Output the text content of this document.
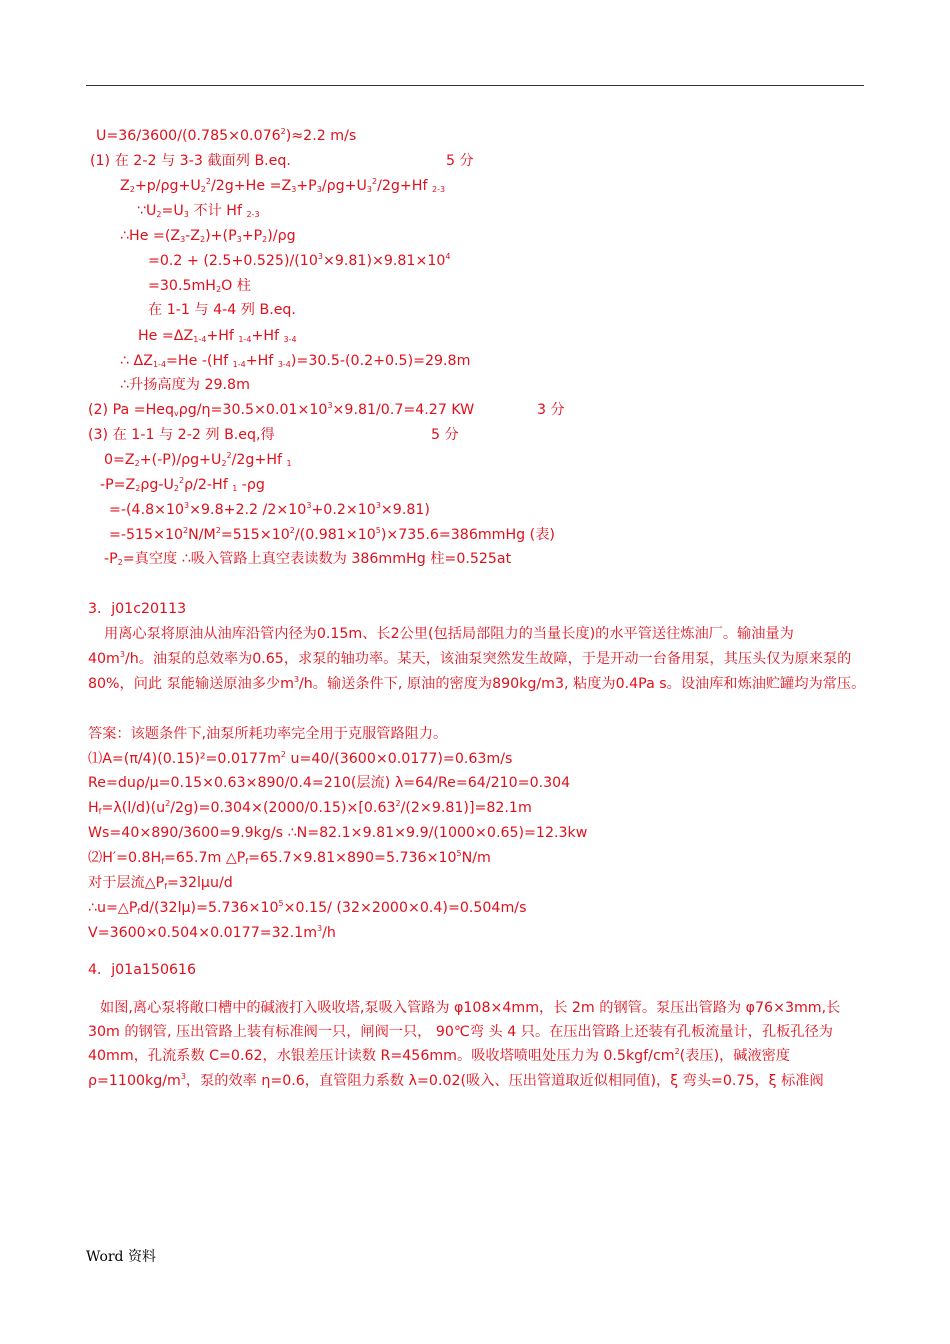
$U=36/3600/(0.785\times 0.076^2)\approx 2.2$ m/s
(1) 在 2-2 与 3-3 截面列 B.eq.	5 分
$Z_2+p/\rho g+U_2^2/2g+He =Z_3+P_3/\rho g+U_3^2/2g+Hf$ $_{2-3}$
$\because U_2=U_3$ 不计 Hf $_{2-3}$
∴He $=(Z_3-Z_2)+(P_3+P_2)/\rho g$
$=0.2 + (2.5+0.525)/(10^3\times 9.81)\times 9.81\times 10^4$
$=30.5mH_2O$ 柱
在 1-1 与 4-4 列 B.eq.
$He =\Delta Z_{1-4}+Hf$ $_{1-4}$+Hf $_{3-4}$
∴ $\Delta Z_{1-4}=He$ -(Hf $_{1-4}$+Hf $_{3-4}$)=30.5-(0.2+0.5)=29.8m
∴升扬高度为 29.8m
(2) $Pa =Heq_v\rho g/\eta=30.5\times 0.01\times 10^3\times 9.81/0.7=4.27$ KW	3 分
(3) 在 1-1 与 2-2 列 B.eq,得	5 分
$0=Z_2+(-P)/\rho g+U_2^2/2g+Hf$ $_1$
$-P=Z_2\rho g-U_2^2\rho/2-Hf$ $_1$ -ρg
$=-(4.8\times 10^3\times 9.8+2.2$ $/2\times 10^3+0.2\times 10^3\times 9.81$)
$=-515\times 10^2N/M^2=515\times 10^2/(0.981\times 10^5)\times 735.6=386mmHg$ (表)
$-P_2=$真空度 ∴吸入管路上真空表读数为 386mmHg 柱=0.525at
3．j01c20113
用离心泵将原油从油库沿管内径为0.15m、长2公里(包括局部阻力的当量长度)的水平管送往炼油厂。输油量为
$40m^3/h$。油泵的总效率为0.65，求泵的轴功率。某天，该油泵突然发生故障，于是开动一台备用泵，其压头仅为原来泵的
80%，问此 泵能输送原油多少$m^3/h$。输送条件下, 原油的密度为890kg/m3, 粘度为0.4Pa s。设油库和炼油贮罐均为常压。
答案：该题条件下,油泵所耗功率完全用于克服管路阻力。
$⑴A=(\pi/4)(0.15)^2=0.0177m^2$ u=40/(3600×0.0177)=0.63m/s
Re=duρ/μ=0.15×0.63×890/0.4=210(层流) λ=64/Re=64/210=0.304
$H_f=\lambda(l/d)(u^2/2g)=0.304\times(2000/0.15)\times[0.63^2/(2\times 9.81)]=82.1m$
Ws=40×890/3600=9.9kg/s ∴N=82.1×9.81×9.9/(1000×0.65)=12.3kw
$⑵H'=0.8H_f=65.7m$ $\triangle P_f=65.7\times 9.81\times 890=5.736\times 10^5N/m$
对于层流$\triangle P_f=32l\mu u/d$
$\therefore u=\triangle P_fd/(32l\mu)=5.736\times 10^5\times 0.15/$ (32×2000×0.4)=0.504m/s
$V=3600\times 0.504\times 0.0177=32.1m^3/h$
4．j01a150616
如图,离心泵将敞口槽中的碱液打入吸收塔,泵吸入管路为 φ108×4mm，长 2m 的钢管。泵压出管路为 φ76×3mm,长
30m 的钢管, 压出管路上装有标准阀一只，闸阀一只， 90℃弯 头 4 只。在压出管路上还装有孔板流量计，孔板孔径为
40mm，孔流系数 C=0.62，水银差压计读数 R=456mm。吸收塔喷咀处压力为 $0.5kgf/cm^2$(表压)，碱液密度
$\rho=1100kg/m^3$，泵的效率 η=0.6，直管阻力系数 λ=0.02(吸入、压出管道取近似相同值)，ξ 弯头=0.75，ξ 标准阀
Word 资料
